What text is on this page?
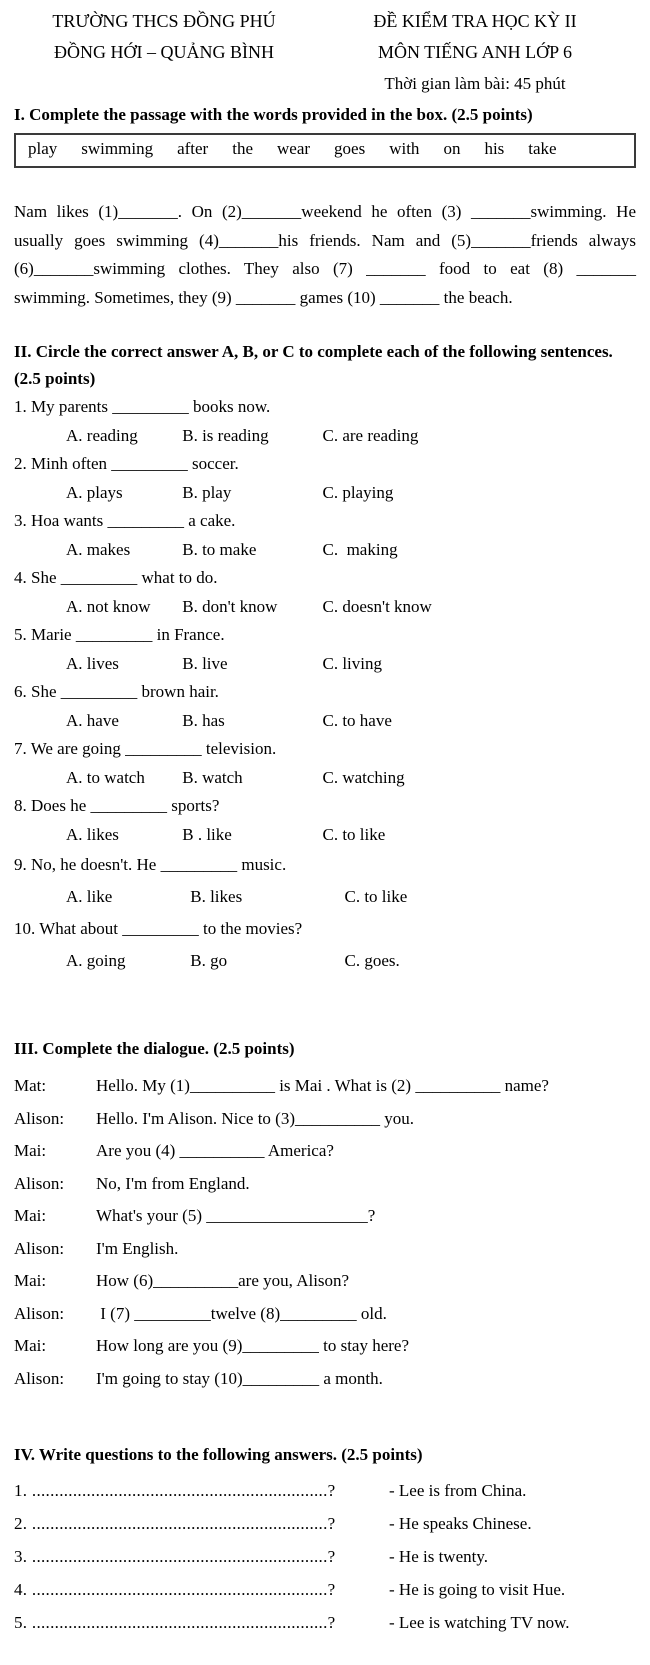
TRƯỜNG THCS ĐỒNG PHÚ
ĐỒNG HỚI – QUẢNG BÌNH
ĐỀ KIỂM TRA HỌC KỲ II
MÔN TIẾNG ANH LỚP 6
Thời gian làm bài: 45 phút
I. Complete the passage with the words provided in the box. (2.5 points)
play swimming after the wear goes with on his take
Nam likes (1)_______. On (2)_______weekend he often (3) _______swimming. He
usually goes swimming (4)_______his friends. Nam and (5)_______friends always
(6)_______swimming clothes. They also (7) _______ food to eat (8) _______
swimming. Sometimes, they (9) _______ games (10) _______ the beach.
II. Circle the correct answer A, B, or C to complete each of the following sentences. (2.5 points)
1. My parents _________ books now.
A. reading	B. is reading	C. are reading
2. Minh often _________ soccer.
A. plays	B. play	C. playing
3. Hoa wants _________ a cake.
A. makes	B. to make	C.  making
4. She _________ what to do.
A. not know B. don't know	C. doesn't know
5. Marie _________ in France.
A. lives	B. live	C. living
6. She _________ brown hair.
A. have	B. has	C. to have
7. We are going _________ television.
A. to watch B. watch	C. watching
8. Does he _________ sports?
A. likes	B . like	C. to like
9. No, he doesn't. He _________ music.
A. like	B. likes	C. to like
10. What about _________ to the movies?
A. going	B. go	C. goes.
III. Complete the dialogue. (2.5 points)
Mat:	Hello. My (1)__________ is Mai . What is (2) __________ name?
Alison:	Hello. I'm Alison. Nice to (3)__________ you.
Mai:	Are you (4) __________ America?
Alison:	No, I'm from England.
Mai:	What's your (5) ___________________?
Alison:	I'm English.
Mai:	How (6)__________are you, Alison?
Alison:	I (7) _________twelve (8)_________ old.
Mai:	How long are you (9)_________ to stay here?
Alison:	I'm going to stay (10)_________ a month.
IV. Write questions to the following answers. (2.5 points)
1. .................................................................?	- Lee is from China.
2. .................................................................?	- He speaks Chinese.
3. .................................................................?	- He is twenty.
4. .................................................................?	- He is going to visit Hue.
5. .................................................................?	- Lee is watching TV now.
